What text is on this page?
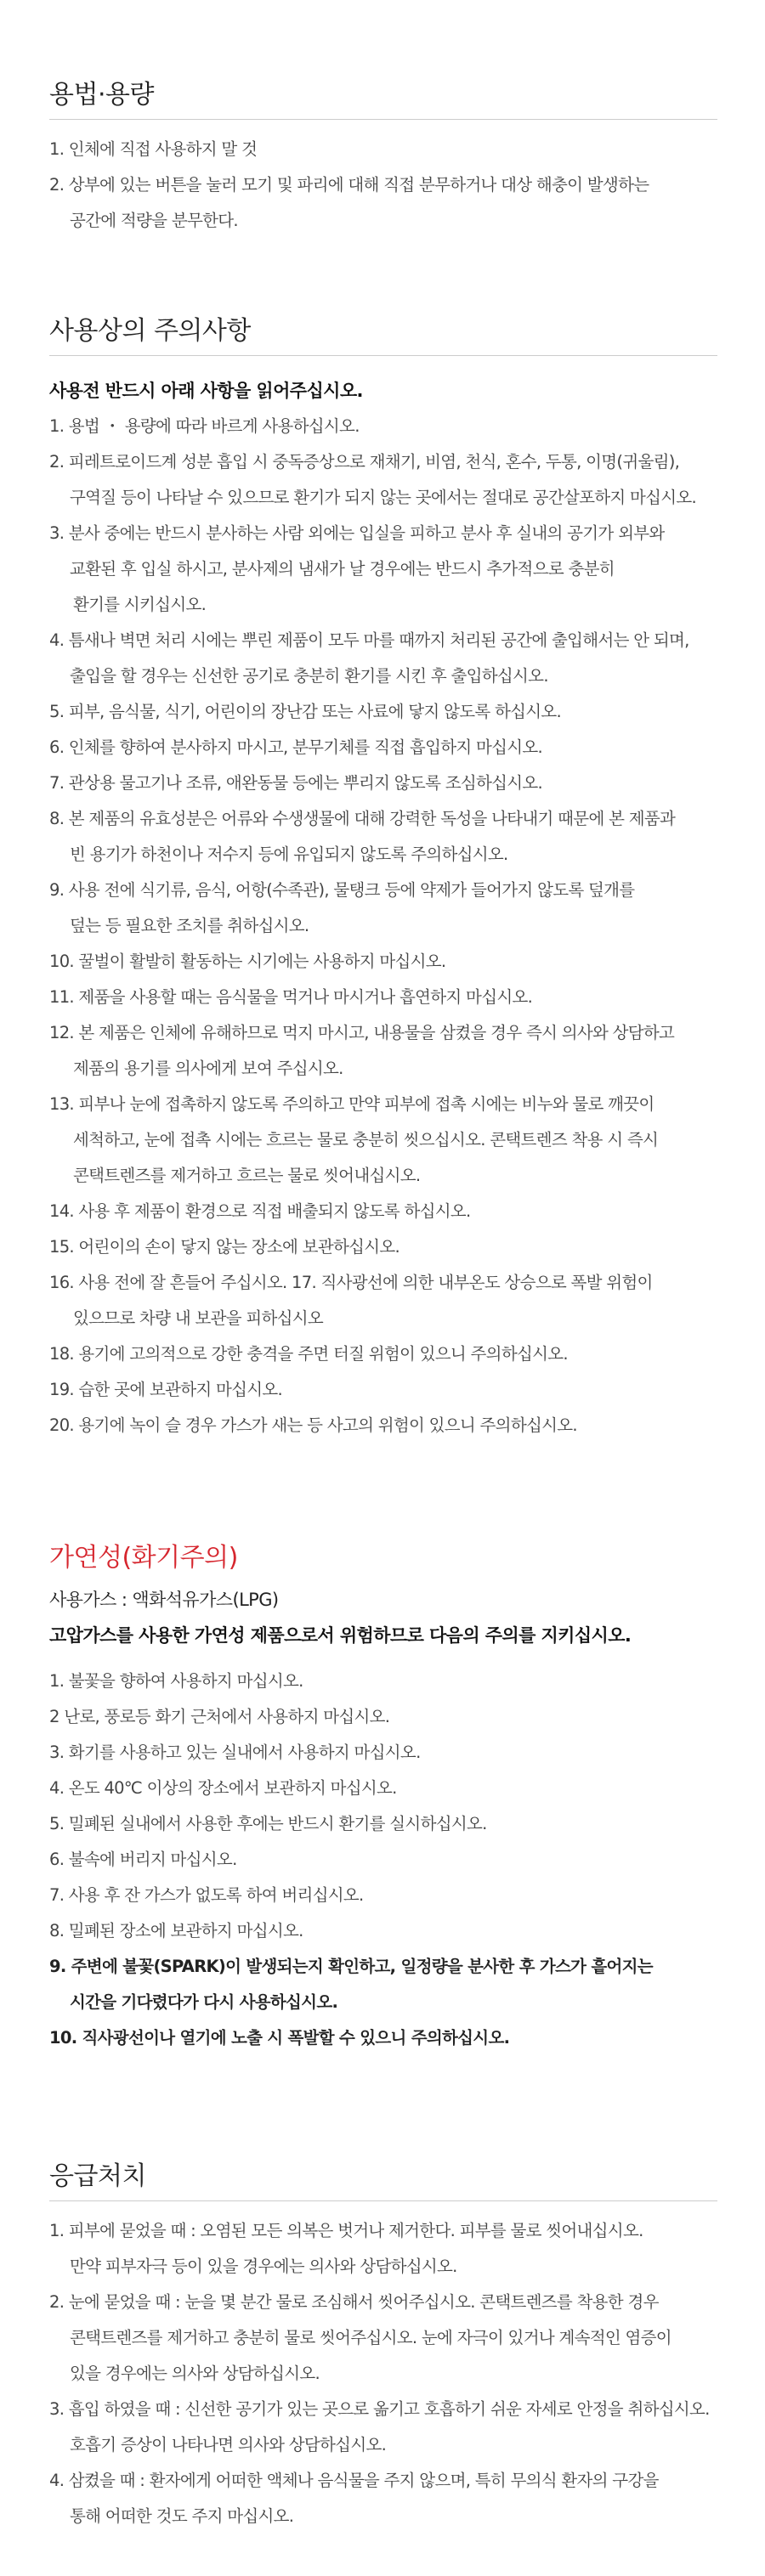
용법·용량
1. 인체에 직접 사용하지 말 것
2. 상부에 있는 버튼을 눌러 모기 및 파리에 대해 직접 분무하거나 대상 해충이 발생하는
공간에 적량을 분무한다.
사용상의 주의사항
사용전 반드시 아래 사항을 읽어주십시오.
1. 용법 ・ 용량에 따라 바르게 사용하십시오.
2. 피레트로이드계 성분 흡입 시 중독증상으로 재채기, 비염, 천식, 혼수, 두통, 이명(귀울림),
구역질 등이 나타날 수 있으므로 환기가 되지 않는 곳에서는 절대로 공간살포하지 마십시오.
3. 분사 중에는 반드시 분사하는 사람 외에는 입실을 피하고 분사 후 실내의 공기가 외부와
교환된 후 입실 하시고, 분사제의 냄새가 날 경우에는 반드시 추가적으로 충분히
환기를 시키십시오.
4. 틈새나 벽면 처리 시에는 뿌린 제품이 모두 마를 때까지 처리된 공간에 출입해서는 안 되며,
출입을 할 경우는 신선한 공기로 충분히 환기를 시킨 후 출입하십시오.
5. 피부, 음식물, 식기, 어린이의 장난감 또는 사료에 닿지 않도록 하십시오.
6. 인체를 향하여 분사하지 마시고, 분무기체를 직접 흡입하지 마십시오.
7. 관상용 물고기나 조류, 애완동물 등에는 뿌리지 않도록 조심하십시오.
8. 본 제품의 유효성분은 어류와 수생생물에 대해 강력한 독성을 나타내기 때문에 본 제품과
빈 용기가 하천이나 저수지 등에 유입되지 않도록 주의하십시오.
9. 사용 전에 식기류, 음식, 어항(수족관), 물탱크 등에 약제가 들어가지 않도록 덮개를
덮는 등 필요한 조치를 취하십시오.
10. 꿀벌이 활발히 활동하는 시기에는 사용하지 마십시오.
11. 제품을 사용할 때는 음식물을 먹거나 마시거나 흡연하지 마십시오.
12. 본 제품은 인체에 유해하므로 먹지 마시고, 내용물을 삼켰을 경우 즉시 의사와 상담하고
제품의 용기를 의사에게 보여 주십시오.
13. 피부나 눈에 접촉하지 않도록 주의하고 만약 피부에 접촉 시에는 비누와 물로 깨끗이
세척하고, 눈에 접촉 시에는 흐르는 물로 충분히 씻으십시오. 콘택트렌즈 착용 시 즉시
콘택트렌즈를 제거하고 흐르는 물로 씻어내십시오.
14. 사용 후 제품이 환경으로 직접 배출되지 않도록 하십시오.
15. 어린이의 손이 닿지 않는 장소에 보관하십시오.
16. 사용 전에 잘 흔들어 주십시오. 17. 직사광선에 의한 내부온도 상승으로 폭발 위험이
있으므로 차량 내 보관을 피하십시오
18. 용기에 고의적으로 강한 충격을 주면 터질 위험이 있으니 주의하십시오.
19. 습한 곳에 보관하지 마십시오.
20. 용기에 녹이 슬 경우 가스가 새는 등 사고의 위험이 있으니 주의하십시오.
가연성(화기주의)
사용가스 : 액화석유가스(LPG)
고압가스를 사용한 가연성 제품으로서 위험하므로 다음의 주의를 지키십시오.
1. 불꽃을 향하여 사용하지 마십시오.
2 난로, 풍로등 화기 근처에서 사용하지 마십시오.
3. 화기를 사용하고 있는 실내에서 사용하지 마십시오.
4. 온도 40℃ 이상의 장소에서 보관하지 마십시오.
5. 밀폐된 실내에서 사용한 후에는 반드시 환기를 실시하십시오.
6. 불속에 버리지 마십시오.
7. 사용 후 잔 가스가 없도록 하여 버리십시오.
8. 밀폐된 장소에 보관하지 마십시오.
9. 주변에 불꽃(SPARK)이 발생되는지 확인하고, 일정량을 분사한 후 가스가 흩어지는
시간을 기다렸다가 다시 사용하십시오.
10. 직사광선이나 열기에 노출 시 폭발할 수 있으니 주의하십시오.
응급처치
1. 피부에 묻었을 때 : 오염된 모든 의복은 벗거나 제거한다. 피부를 물로 씻어내십시오.
만약 피부자극 등이 있을 경우에는 의사와 상담하십시오.
2. 눈에 묻었을 때 : 눈을 몇 분간 물로 조심해서 씻어주십시오. 콘택트렌즈를 착용한 경우
콘택트렌즈를 제거하고 충분히 물로 씻어주십시오. 눈에 자극이 있거나 계속적인 염증이
있을 경우에는 의사와 상담하십시오.
3. 흡입 하였을 때 : 신선한 공기가 있는 곳으로 옮기고 호흡하기 쉬운 자세로 안정을 취하십시오.
호흡기 증상이 나타나면 의사와 상담하십시오.
4. 삼켰을 때 : 환자에게 어떠한 액체나 음식물을 주지 않으며, 특히 무의식 환자의 구강을
통해 어떠한 것도 주지 마십시오.
